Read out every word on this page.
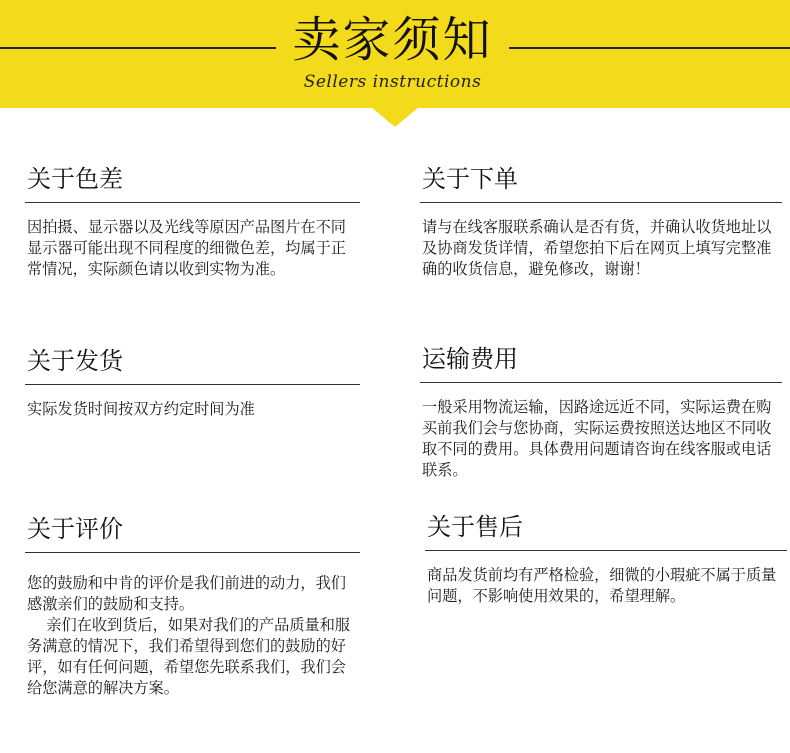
卖家须知
Sellers instructions
关于色差
因拍摄、显示器以及光线等原因产品图片在不同显示器可能出现不同程度的细微色差，均属于正常情况，实际颜色请以收到实物为准。
关于下单
请与在线客服联系确认是否有货，并确认收货地址以及协商发货详情，希望您拍下后在网页上填写完整准确的收货信息，避免修改，谢谢！
关于发货
实际发货时间按双方约定时间为准
运输费用
一般采用物流运输，因路途远近不同，实际运费在购买前我们会与您协商，实际运费按照送达地区不同收取不同的费用。具体费用问题请咨询在线客服或电话联系。
关于评价
您的鼓励和中肯的评价是我们前进的动力，我们感激亲们的鼓励和支持。
亲们在收到货后，如果对我们的产品质量和服务满意的情况下，我们希望得到您们的鼓励的好评，如有任何问题，希望您先联系我们，我们会给您满意的解决方案。
关于售后
商品发货前均有严格检验，细微的小瑕疵不属于质量问题，不影响使用效果的，希望理解。
